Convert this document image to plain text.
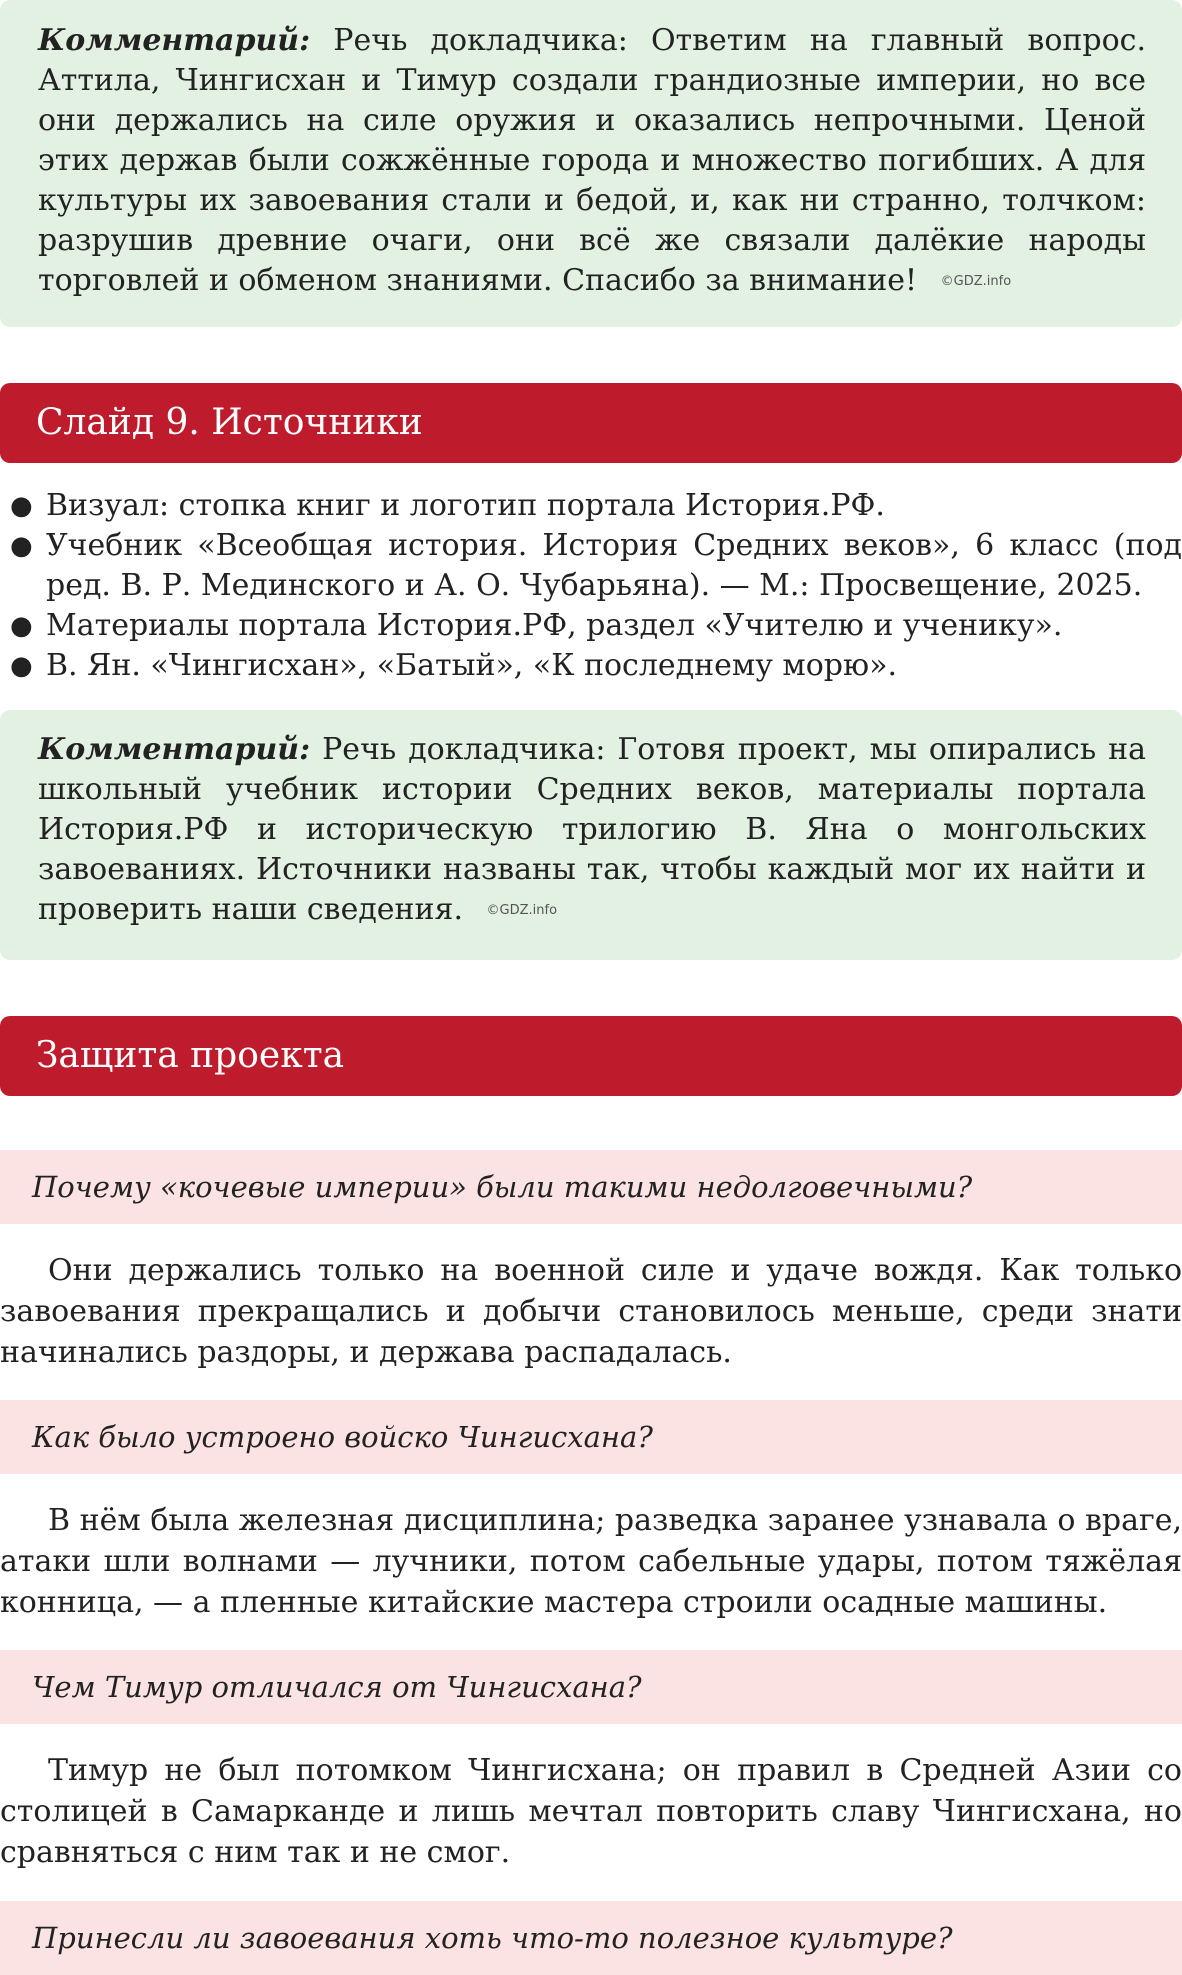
Комментарий: Речь докладчика: Ответим на главный вопрос. Аттила, Чингисхан и Тимур создали грандиозные империи, но все они держались на силе оружия и оказались непрочными. Ценой этих держав были сожжённые города и множество погибших. А для культуры их завоевания стали и бедой, и, как ни странно, толчком: разрушив древние очаги, они всё же связали далёкие народы торговлей и обменом знаниями. Спасибо за внимание! ©GDZ.info
Слайд 9. Источники
● Визуал: стопка книг и логотип портала История.РФ.
● Учебник «Всеобщая история. История Средних веков», 6 класс (под ред. В. Р. Мединского и А. О. Чубарьяна). — М.: Просвещение, 2025.
● Материалы портала История.РФ, раздел «Учителю и ученику».
● В. Ян. «Чингисхан», «Батый», «К последнему морю».
Комментарий: Речь докладчика: Готовя проект, мы опирались на школьный учебник истории Средних веков, материалы портала История.РФ и историческую трилогию В. Яна о монгольских завоеваниях. Источники названы так, чтобы каждый мог их найти и проверить наши сведения. ©GDZ.info
Защита проекта
Почему «кочевые империи» были такими недолговечными?

Они держались только на военной силе и удаче вождя. Как только завоевания прекращались и добычи становилось меньше, среди знати начинались раздоры, и держава распадалась.

Как было устроено войско Чингисхана?

В нём была железная дисциплина; разведка заранее узнавала о враге, атаки шли волнами — лучники, потом сабельные удары, потом тяжёлая конница, — а пленные китайские мастера строили осадные машины.

Чем Тимур отличался от Чингисхана?

Тимур не был потомком Чингисхана; он правил в Средней Азии со столицей в Самарканде и лишь мечтал повторить славу Чингисхана, но сравняться с ним так и не смог.

Принесли ли завоевания хоть что-то полезное культуре?
